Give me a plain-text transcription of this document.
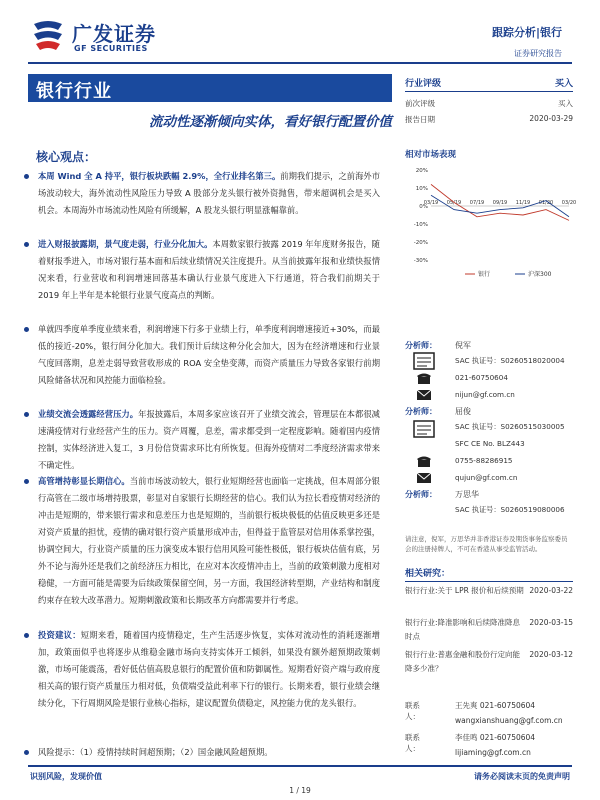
广发证券
GF SECURITIES
跟踪分析|银行
证券研究报告
银行行业
流动性逐渐倾向实体，看好银行配置价值
核心观点：
本周 Wind 全 A 持平，银行板块跌幅 2.9%，全行业排名第三。前期我们提示，之前海外市场波动较大，海外流动性风险压力导致 A 股部分龙头银行被外资抛售，带来超调机会是买入机会。本周海外市场流动性风险有所缓解，A 股龙头银行明显涨幅靠前。
进入财报披露期，景气度走弱，行业分化加大。本周数家银行披露 2019 年年度财务报告，随着财报季进入，市场对银行基本面和后续业绩情况关注度提升。从当前披露年报和业绩快报情况来看，行业营收和利润增速回落基本确认行业景气度进入下行通道，符合我们前期关于 2019 年上半年是本轮银行业景气度高点的判断。
单就四季度单季度业绩来看，利润增速下行多于业绩上行，单季度利润增速接近+30%，而最低的接近-20%，银行间分化加大。我们预计后续这种分化会加大，因为在经济增速和行业景气度回落期，息差走弱导致营收形成的 ROA 安全垫变薄，而资产质量压力导致各家银行前期风险储备状况和风控能力面临检验。
业绩交流会透露经营压力。年报披露后，本周多家应该召开了业绩交流会，管理层在本都很减速满疫情对行业经营产生的压力。资产周覆，息差，需求都受到一定程度影响。随着国内疫情控制，实体经济进入复工，3 月份信贷需求环比有所恢复。但海外疫情对二季度经济需求带来不确定性。
高管增持彰显长期信心。当前市场波动较大，银行业短期经营也面临一定挑战，但本周部分银行高管在二级市场增持股票，彰显对自家银行长期经营的信心。我们认为拉长看疫情对经济的冲击是短期的，带来银行需求和息差压力也是短期的，当前银行板块极低的估值反映更多还是对资产质量的担忧，疫情的确对银行资产质量形成冲击，但得益于监管层对信用体系掌控强，协调空间大，行业资产质量的压力演变成本银行信用风险可能性极低，银行板块估值有底，另外不论与海外还是我们之前经济压力相比，在应对本次疫情冲击上，当前的政策刺激力度相对稳健，一方面可能是需要为后续政策保留空间，另一方面，我国经济转型期，产业结构和制度约束存在较大改革潜力。短期刺激政策和长期改革方向都需要并行考虑。
投资建议：短期来看，随着国内疫情稳定，生产生活逐步恢复，实体对流动性的消耗逐渐增加，政策面似乎也将逐步从维稳金融市场向支持实体开工倾斜，如果没有额外超预期政策刺激，市场可能震荡，看好低估值高股息银行的配置价值和防御属性。短期看好资产端与政府度相关高的银行资产质量压力相对低，负债端受益此利率下行的银行。长期来看，银行业绩会继续分化，下行周期风险是银行业核心指标，建议配置负债稳定，风控能力优的龙头银行。
风险提示：（1）疫情持续时间超预期；（2）国金融风险超预期。
行业评级	买入
前次评级	买入
报告日期	2020-03-29
相对市场表现
20%
10%
0%
-10%
-20%
-30%
03/19 05/19 07/19 09/19 11/19 01/20 03/20
银行	沪深300
分析师： 倪军
SAC 执证号：S0260518020004
021-60750604
nijun@gf.com.cn
分析师： 屈俊
SAC 执证号：S0260515030005
SFC CE No. BLZ443
0755-88286915
qujun@gf.com.cn
分析师： 万思华
SAC 执证号：S0260519080006
请注意，倪军，万思华并非香港证券及期货事务监察委员会的注册持牌人，不可在香港从事受监管活动。
相关研究：
银行行业:关于 LPR 报价和后续预期 2020-03-22
银行行业:降准影响和后续降准降息时点
2020-03-15
银行行业:普惠金融和股份行定向能降多少准？
2020-03-12
联系人：
王先爽 021-60750604
wangxianshuang@gf.com.cn
联系人：
李佳鸣 021-60750604
lijiaming@gf.com.cn
识别风险，发现价值	请务必阅读末页的免责声明
1 / 19
